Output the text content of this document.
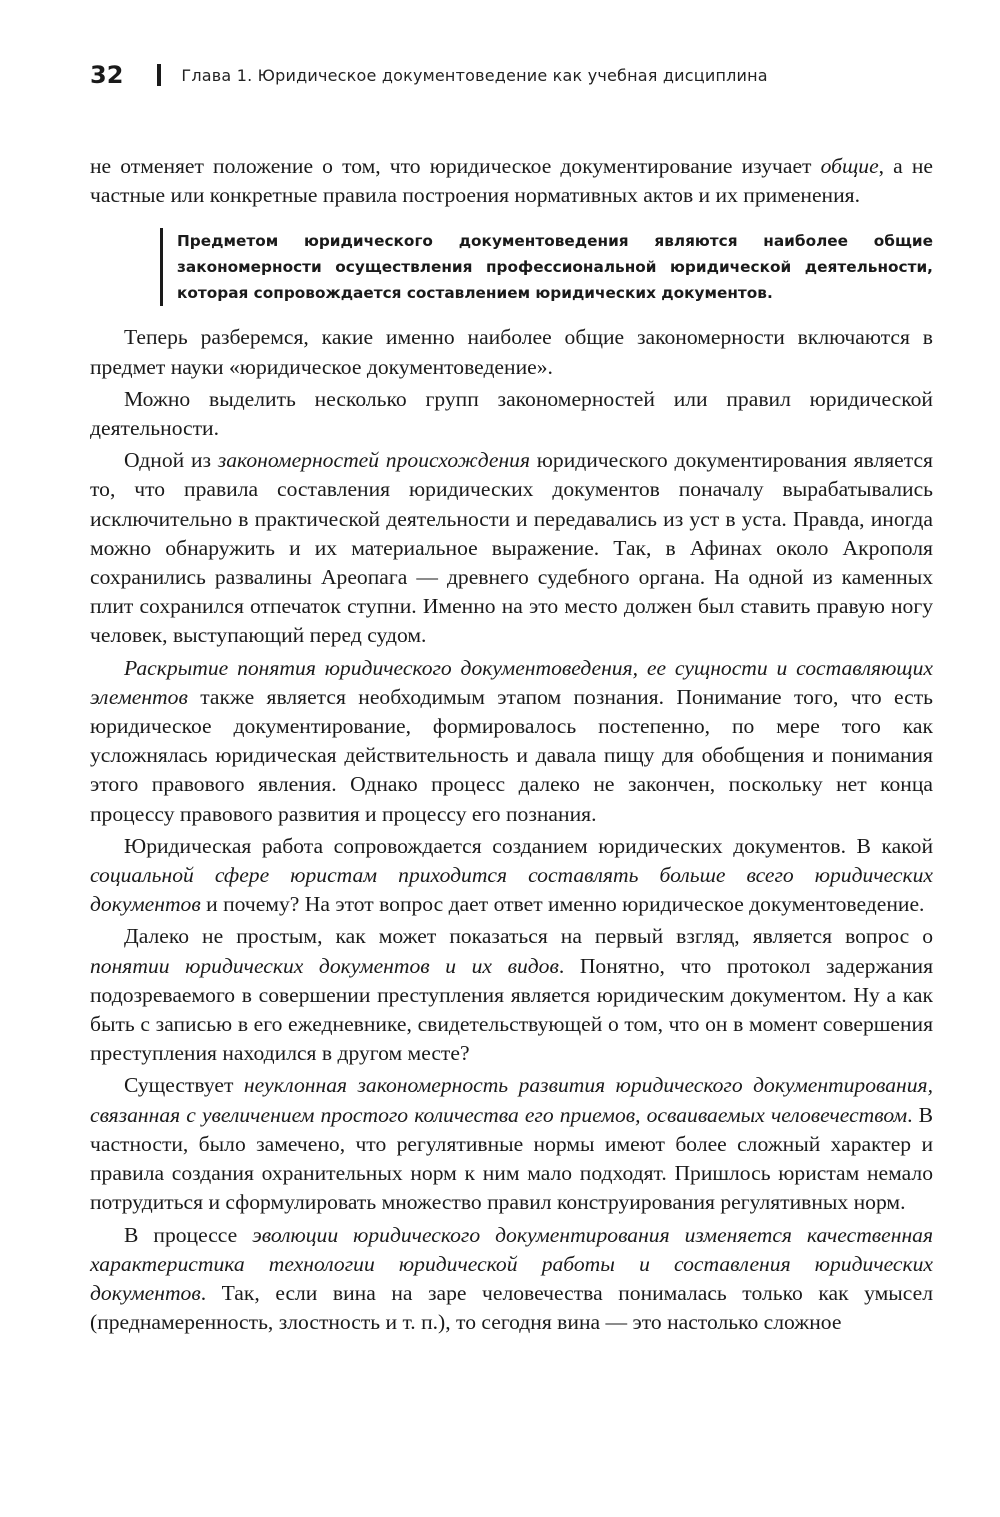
32	Глава 1. Юридическое документоведение как учебная дисциплина

не отменяет положение о том, что юридическое документирование изучает общие, а не частные или конкретные правила построения нормативных актов и их применения.

Предметом юридического документоведения являются наиболее общие закономерности осуществления профессиональной юридической деятельности, которая сопровождается составлением юридических документов.

Теперь разберемся, какие именно наиболее общие закономерности включаются в предмет науки «юридическое документоведение».

Можно выделить несколько групп закономерностей или правил юридической деятельности.

Одной из закономерностей происхождения юридического документирования является то, что правила составления юридических документов поначалу вырабатывались исключительно в практической деятельности и передавались из уст в уста. Правда, иногда можно обнаружить и их материальное выражение. Так, в Афинах около Акрополя сохранились развалины Ареопага — древнего судебного органа. На одной из каменных плит сохранился отпечаток ступни. Именно на это место должен был ставить правую ногу человек, выступающий перед судом.

Раскрытие понятия юридического документоведения, ее сущности и составляющих элементов также является необходимым этапом познания. Понимание того, что есть юридическое документирование, формировалось постепенно, по мере того как усложнялась юридическая действительность и давала пищу для обобщения и понимания этого правового явления. Однако процесс далеко не закончен, поскольку нет конца процессу правового развития и процессу его познания.

Юридическая работа сопровождается созданием юридических документов. В какой социальной сфере юристам приходится составлять больше всего юридических документов и почему? На этот вопрос дает ответ именно юридическое документоведение.

Далеко не простым, как может показаться на первый взгляд, является вопрос о понятии юридических документов и их видов. Понятно, что протокол задержания подозреваемого в совершении преступления является юридическим документом. Ну а как быть с записью в его ежедневнике, свидетельствующей о том, что он в момент совершения преступления находился в другом месте?

Существует неуклонная закономерность развития юридического документирования, связанная с увеличением простого количества его приемов, осваиваемых человечеством. В частности, было замечено, что регулятивные нормы имеют более сложный характер и правила создания охранительных норм к ним мало подходят. Пришлось юристам немало потрудиться и сформулировать множество правил конструирования регулятивных норм.

В процессе эволюции юридического документирования изменяется качественная характеристика технологии юридической работы и составления юридических документов. Так, если вина на заре человечества понималась только как умысел (преднамеренность, злостность и т. п.), то сегодня вина — это настолько сложное
